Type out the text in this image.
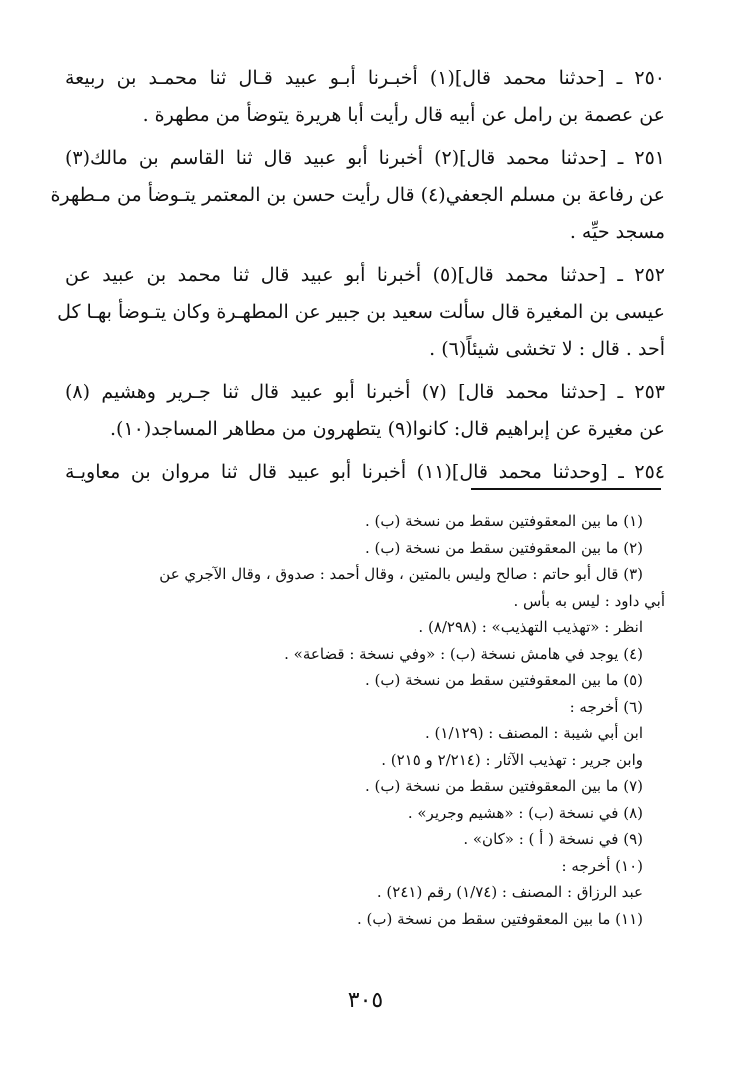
٢٥٠ ـ [حدثنا محمد قال](١) أخبـرنا أبـو عبيد قـال ثنا محمـد بن ربيعة
عن عصمة بن رامل عن أبيه قال رأيت أبا هريرة يتوضأ من مطهرة .

٢٥١ ـ [حدثنا محمد قال](٢) أخبرنا أبو عبيد قال ثنا القاسم بن مالك(٣)
عن رفاعة بن مسلم الجعفي(٤) قال رأيت حسن بن المعتمر يتـوضأ من مـطهرة
مسجد حيِّه .

٢٥٢ ـ [حدثنا محمد قال](٥) أخبرنا أبو عبيد قال ثنا محمد بن عبيد عن
عيسى بن المغيرة قال سألت سعيد بن جبير عن المطهـرة وكان يتـوضأ بهـا كل
أحد . قال : لا تخشى شيئاً(٦) .

٢٥٣ ـ [حدثنا محمد قال] (٧) أخبرنا أبو عبيد قال ثنا جـرير وهشيم (٨)
عن مغيرة عن إبراهيم قال: كانوا(٩) يتطهرون من مطاهر المساجد(١٠).

٢٥٤ ـ [وحدثنا محمد قال](١١) أخبرنا أبو عبيد قال ثنا مروان بن معاويـة

(١) ما بين المعقوفتين سقط من نسخة (ب) .
(٢) ما بين المعقوفتين سقط من نسخة (ب) .
(٣) قال أبو حاتم : صالح وليس بالمتين ، وقال أحمد : صدوق ، وقال الآجري عن
أبي داود : ليس به بأس .
انظر : «تهذيب التهذيب» : (٨/٢٩٨) .
(٤) يوجد في هامش نسخة (ب) : «وفي نسخة : قضاعة» .
(٥) ما بين المعقوفتين سقط من نسخة (ب) .
(٦) أخرجه :
ابن أبي شيبة : المصنف : (١/١٢٩) .
وابن جرير : تهذيب الآثار : (٢/٢١٤ و ٢١٥) .
(٧) ما بين المعقوفتين سقط من نسخة (ب) .
(٨) في نسخة (ب) : «هشيم وجرير» .
(٩) في نسخة ( أ ) : «كان» .
(١٠) أخرجه :
عبد الرزاق : المصنف : (١/٧٤) رقم (٢٤١) .
(١١) ما بين المعقوفتين سقط من نسخة (ب) .
٣٠٥
